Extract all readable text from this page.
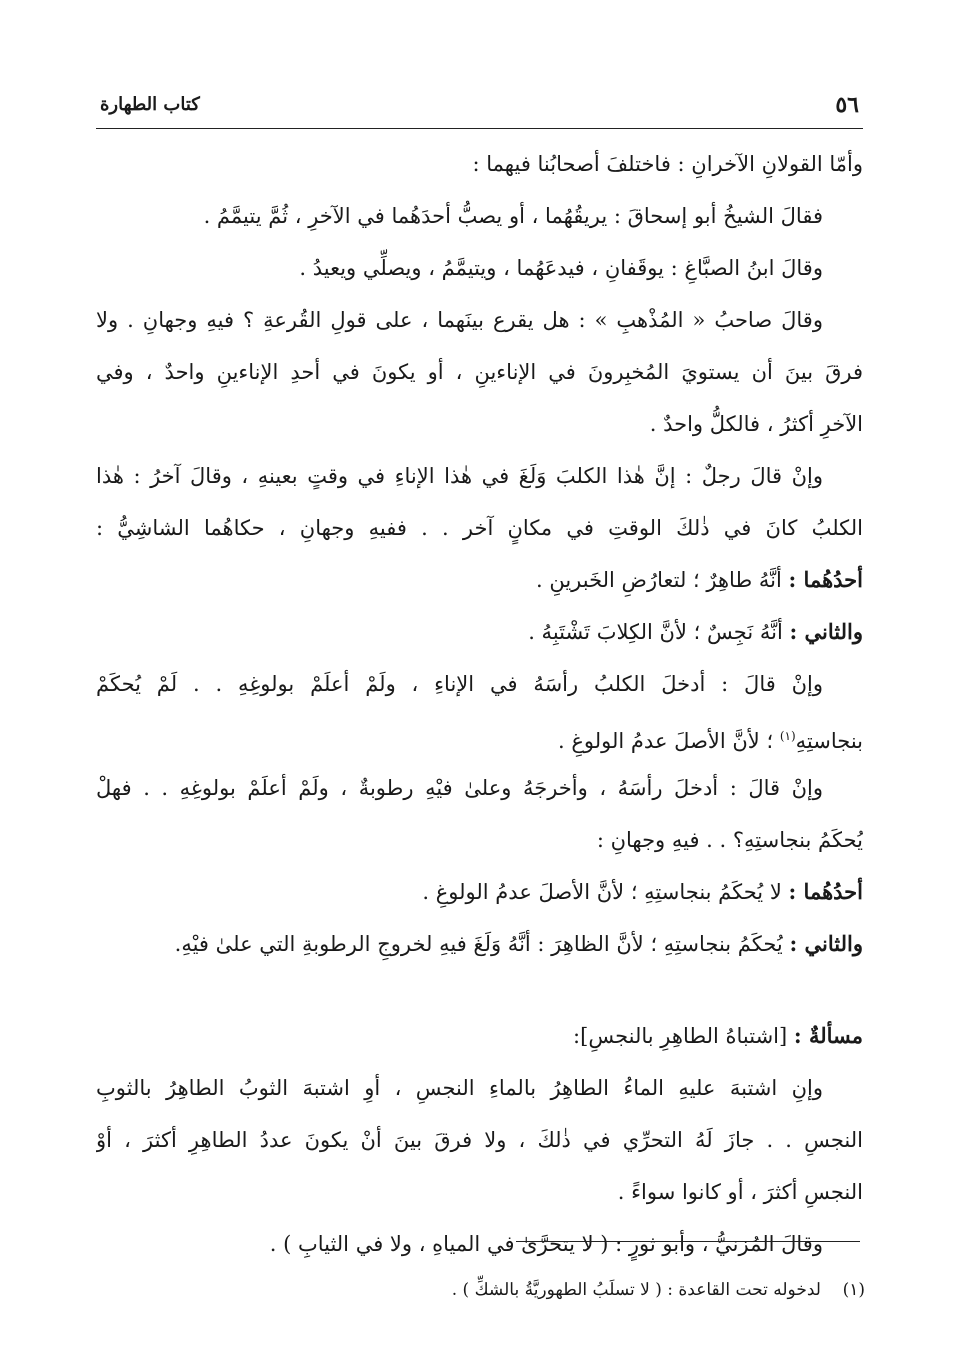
٥٦
كتاب الطهارة
وأمّا القولانِ الآخرانِ : فاختلفَ أصحابُنا فيهما :
فقالَ الشيخُ أبو إسحاقَ : يريقُهُما ، أو يصبُّ أحدَهُما في الآخرِ ، ثُمَّ يتيمَّمُ .
وقالَ ابنُ الصبَّاغِ : يوقَفانِ ، فيدعَهُما ، ويتيمَّمُ ، ويصلِّي ويعيدُ .
وقالَ صاحبُ « المُذْهبِ » : هل يقرع بينَهما ، على قولِ القُرعةِ ؟ فيهِ وجهانِ . ولا
فرقَ بينَ أن يستويَ المُخبِرونَ في الإناءينِ ، أو يكونَ في أحدِ الإناءينِ واحدٌ ، وفي
الآخرِ أكثرُ ، فالكلُّ واحدٌ .
وإنْ قالَ رجلٌ : إنَّ هٰذا الكلبَ وَلَغَ في هٰذا الإناءِ في وقتٍ بعينهِ ، وقالَ آخرُ : هٰذا
الكلبُ كانَ في ذٰلكَ الوقتِ في مكانٍ آخر . . ففيهِ وجهانِ ، حكاهُما الشاشِيُّ :
أحدُهُما : أنَّهُ طاهِرٌ ؛ لتعارُضِ الخَبرينِ .
والثاني : أنَّهُ نَجِسٌ ؛ لأنَّ الكِلابَ تَشْتَبِهُ .
وإنْ قالَ : أدخلَ الكلبُ رأسَهُ في الإناءِ ، ولَمْ أعلَمْ بولوغِهِ . . لَمْ يُحكَمْ
بنجاستِهِ$^{(١)}$ ؛ لأنَّ الأصلَ عدمُ الولوغِ .
وإنْ قالَ : أدخلَ رأسَهُ ، وأخرجَهُ وعلىٰ فيْهِ رطوبةٌ ، ولَمْ أعلَمْ بولوغِهِ . . فهلْ
يُحكَمُ بنجاستِهِ؟ . . فيهِ وجهانِ :
أحدُهُما : لا يُحكَمُ بنجاستِهِ ؛ لأنَّ الأصلَ عدمُ الولوغِ .
والثاني : يُحكَمُ بنجاستِهِ ؛ لأنَّ الظاهِرَ : أنَّهُ وَلَغَ فيهِ لخروجِ الرطوبةِ التي علىٰ فيْهِ.
مسألةٌ : [اشتباهُ الطاهِرِ بالنجسِ]:
وإنِ اشتبهَ عليهِ الماءُ الطاهِرُ بالماءِ النجسِ ، أوِ اشتبهَ الثوبُ الطاهِرُ بالثوبِ
النجسِ . . جازَ لَهُ التحرِّي في ذٰلكَ ، ولا فرقَ بينَ أنْ يكونَ عددُ الطاهِرِ أكثرَ ، أوْ
النجسِ أكثرَ ، أو كانوا سواءً .
وقالَ المُزنيُّ ، وأبو ثورٍ : ( لا يتحرَّىٰ في المياهِ ، ولا في الثيابِ ) .
(١)    لدخوله تحت القاعدة : ( لا تسلَبُ الطهوريَّةُ بالشكِّ ) .
